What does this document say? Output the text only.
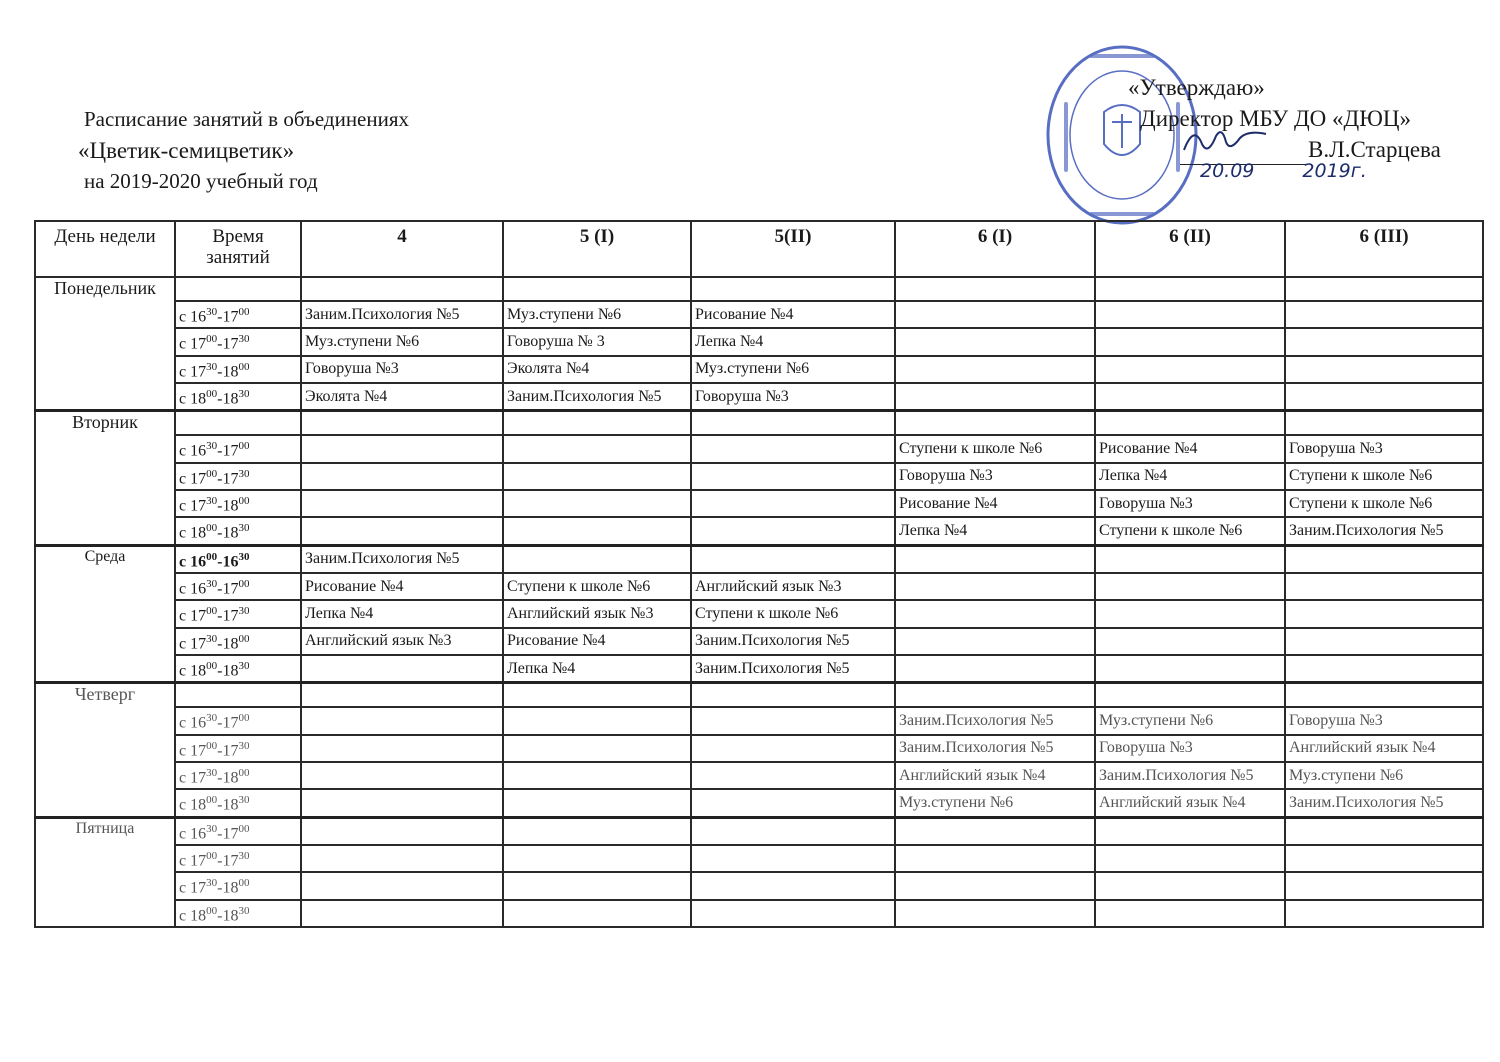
Расписание занятий в объединениях
«Цветик-семицветик»
на 2019-2020 учебный год
«Утверждаю»
Директор МБУ ДО «ДЮЦ»
В.Л.Старцева
20.09	2019г.
День недели	Время занятий	4	5 (I)	5(II)	6 (I)	6 (II)	6 (III)
Понедельник							
	с $16^{30}-17^{00}$	Заним.Психология №5	Муз.ступени №6	Рисование №4			
	с $17^{00}-17^{30}$	Муз.ступени №6	Говоруша № 3	Лепка №4			
	с $17^{30}-18^{00}$	Говоруша №3	Эколята №4	Муз.ступени №6			
	с $18^{00}-18^{30}$	Эколята №4	Заним.Психология №5	Говоруша №3			
Вторник							
	с $16^{30}-17^{00}$				Ступени к школе №6	Рисование №4	Говоруша №3
	с $17^{00}-17^{30}$				Говоруша №3	Лепка №4	Ступени к школе №6
	с $17^{30}-18^{00}$				Рисование №4	Говоруша №3	Ступени к школе №6
	с $18^{00}-18^{30}$				Лепка №4	Ступени к школе №6	Заним.Психология №5
Среда	с $16^{00}-16^{30}$	Заним.Психология №5					
	с $16^{30}-17^{00}$	Рисование №4	Ступени к школе №6	Английский язык №3			
	с $17^{00}-17^{30}$	Лепка №4	Английский язык №3	Ступени к школе №6			
	с $17^{30}-18^{00}$	Английский язык №3	Рисование №4	Заним.Психология №5			
	с $18^{00}-18^{30}$		Лепка №4	Заним.Психология №5			
Четверг							
	с $16^{30}-17^{00}$				Заним.Психология №5	Муз.ступени №6	Говоруша №3
	с $17^{00}-17^{30}$				Заним.Психология №5	Говоруша №3	Английский язык №4
	с $17^{30}-18^{00}$				Английский язык №4	Заним.Психология №5	Муз.ступени №6
	с $18^{00}-18^{30}$				Муз.ступени №6	Английский язык №4	Заним.Психология №5
Пятница	с $16^{30}-17^{00}$						
	с $17^{00}-17^{30}$						
	с $17^{30}-18^{00}$						
	с $18^{00}-18^{30}$						
